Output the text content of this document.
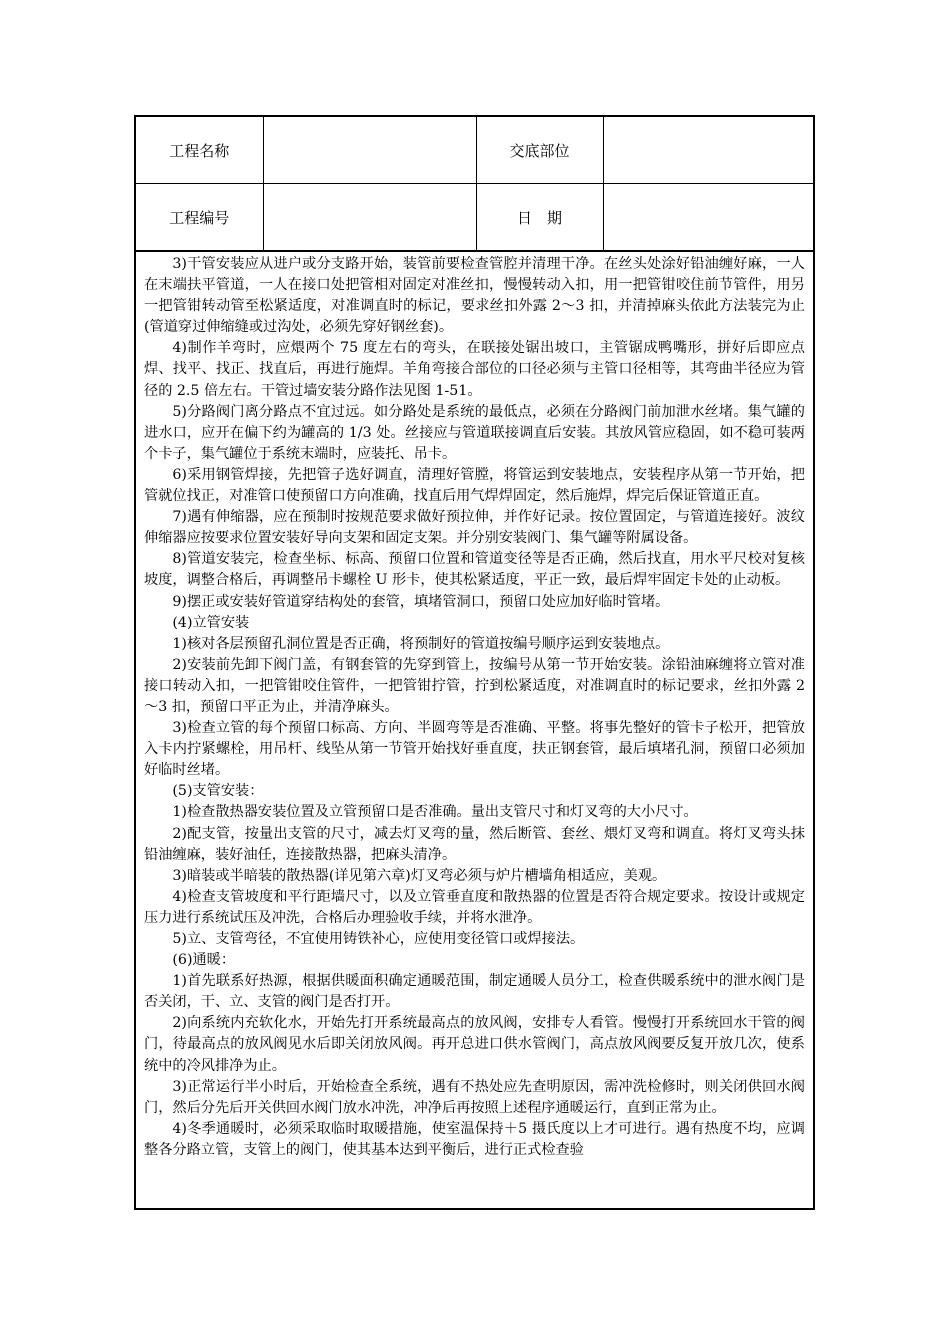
工程名称		交底部位	
工程编号		日　期	

3)干管安装应从进户或分支路开始，装管前要检查管腔并清理干净。在丝头处涂好铅油缠好麻，一人在末端扶平管道，一人在接口处把管相对固定对准丝扣，慢慢转动入扣，用一把管钳咬住前节管件，用另一把管钳转动管至松紧适度，对准调直时的标记，要求丝扣外露 2～3 扣，并清掉麻头依此方法装完为止(管道穿过伸缩缝或过沟处，必须先穿好钢丝套)。

4)制作羊弯时，应煨两个 75 度左右的弯头，在联接处锯出坡口，主管锯成鸭嘴形，拼好后即应点焊、找平、找正、找直后，再进行施焊。羊角弯接合部位的口径必须与主管口径相等，其弯曲半径应为管径的 2.5 倍左右。干管过墙安装分路作法见图 1-51。

5)分路阀门离分路点不宜过远。如分路处是系统的最低点，必须在分路阀门前加泄水丝堵。集气罐的进水口，应开在偏下约为罐高的 1/3 处。丝接应与管道联接调直后安装。其放风管应稳固，如不稳可装两个卡子，集气罐位于系统末端时，应装托、吊卡。

6)采用钢管焊接，先把管子选好调直，清理好管膛，将管运到安装地点，安装程序从第一节开始，把管就位找正，对准管口使预留口方向准确，找直后用气焊焊固定，然后施焊，焊完后保证管道正直。

7)遇有伸缩器，应在预制时按规范要求做好预拉伸，并作好记录。按位置固定，与管道连接好。波纹伸缩器应按要求位置安装好导向支架和固定支架。并分别安装阀门、集气罐等附属设备。

8)管道安装完，检查坐标、标高、预留口位置和管道变径等是否正确，然后找直，用水平尺校对复核坡度，调整合格后，再调整吊卡螺栓 U 形卡，使其松紧适度，平正一致，最后焊牢固定卡处的止动板。

9)摆正或安装好管道穿结构处的套管，填堵管洞口，预留口处应加好临时管堵。

(4)立管安装

1)核对各层预留孔洞位置是否正确，将预制好的管道按编号顺序运到安装地点。

2)安装前先卸下阀门盖，有钢套管的先穿到管上，按编号从第一节开始安装。涂铅油麻缠将立管对准接口转动入扣，一把管钳咬住管件，一把管钳拧管，拧到松紧适度，对准调直时的标记要求，丝扣外露 2～3 扣，预留口平正为止，并清净麻头。

3)检查立管的每个预留口标高、方向、半圆弯等是否准确、平整。将事先整好的管卡子松开，把管放入卡内拧紧螺栓，用吊杆、线坠从第一节管开始找好垂直度，扶正钢套管，最后填堵孔洞，预留口必须加好临时丝堵。

(5)支管安装：

1)检查散热器安装位置及立管预留口是否准确。量出支管尺寸和灯叉弯的大小尺寸。

2)配支管，按量出支管的尺寸，减去灯叉弯的量，然后断管、套丝、煨灯叉弯和调直。将灯叉弯头抹铅油缠麻，装好油任，连接散热器，把麻头清净。

3)暗装或半暗装的散热器(详见第六章)灯叉弯必须与炉片槽墙角相适应，美观。

4)检查支管坡度和平行距墙尺寸，以及立管垂直度和散热器的位置是否符合规定要求。按设计或规定压力进行系统试压及冲洗，合格后办理验收手续，并将水泄净。

5)立、支管弯径，不宜使用铸铁补心，应使用变径管口或焊接法。

(6)通暖：

1)首先联系好热源，根据供暖面积确定通暖范围，制定通暖人员分工，检查供暖系统中的泄水阀门是否关闭，干、立、支管的阀门是否打开。

2)向系统内充软化水，开始先打开系统最高点的放风阀，安排专人看管。慢慢打开系统回水干管的阀门，待最高点的放风阀见水后即关闭放风阀。再开总进口供水管阀门，高点放风阀要反复开放几次，使系统中的冷风排净为止。

3)正常运行半小时后，开始检查全系统，遇有不热处应先查明原因，需冲洗检修时，则关闭供回水阀门，然后分先后开关供回水阀门放水冲洗，冲净后再按照上述程序通暖运行，直到正常为止。

4)冬季通暖时，必须采取临时取暖措施，使室温保持＋5 摄氏度以上才可进行。遇有热度不均，应调整各分路立管，支管上的阀门，使其基本达到平衡后，进行正式检查验
